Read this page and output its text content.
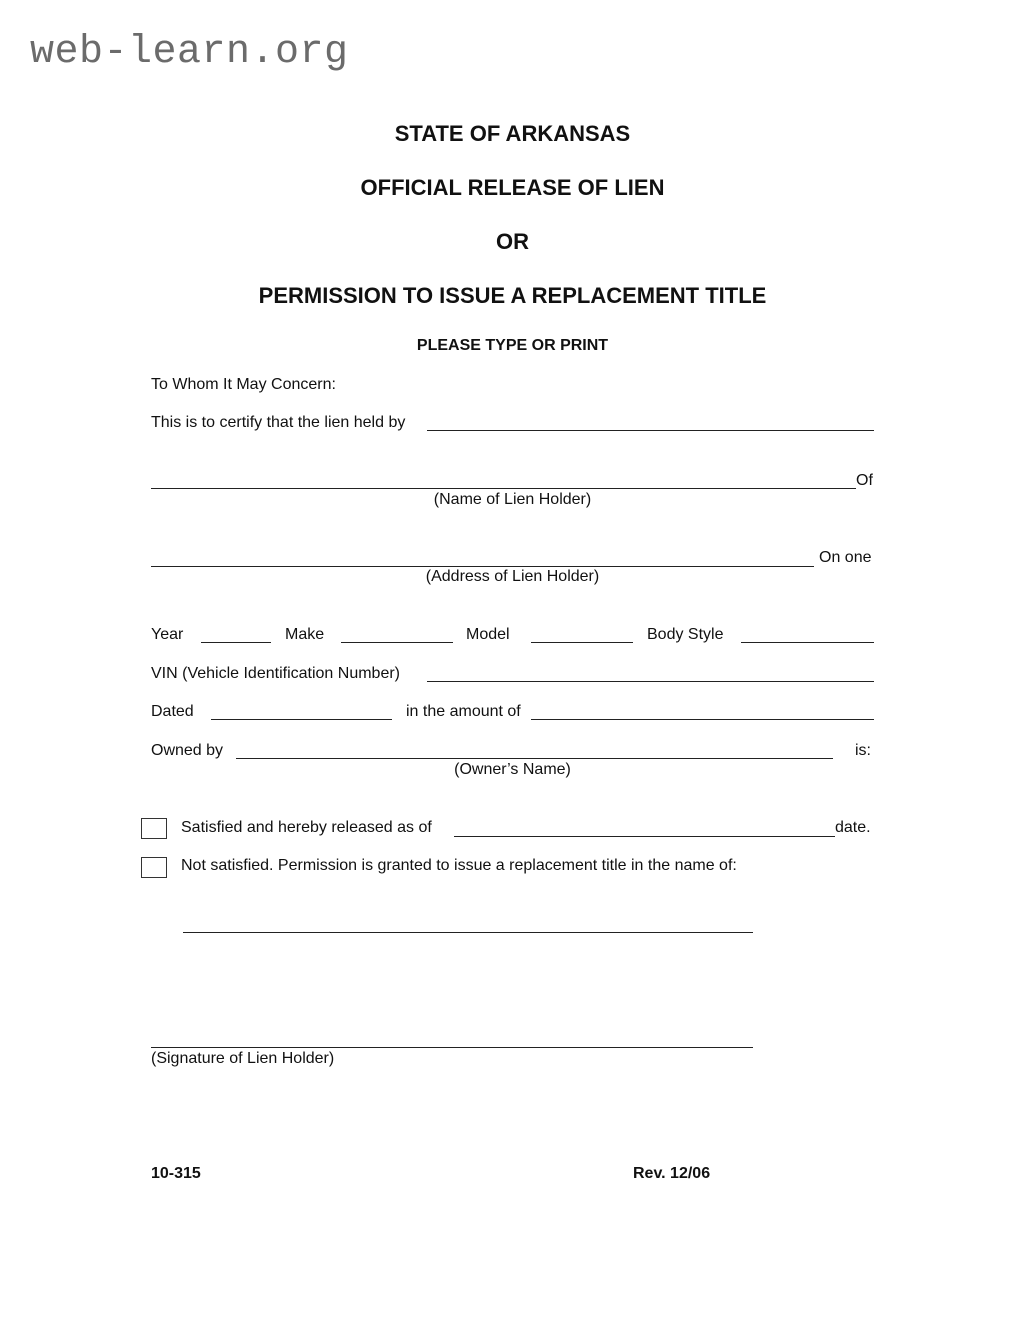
web-learn.org
STATE OF ARKANSAS
OFFICIAL RELEASE OF LIEN
OR
PERMISSION TO ISSUE A REPLACEMENT TITLE
PLEASE TYPE OR PRINT
To Whom It May Concern:
This is to certify that the lien held by
Of
(Name of Lien Holder)
On one
(Address of Lien Holder)
Year	Make	Model	Body Style
VIN (Vehicle Identification Number)
Dated	in the amount of
Owned by	is:
(Owner’s Name)
Satisfied and hereby released as of	date.
Not satisfied. Permission is granted to issue a replacement title in the name of:
(Signature of Lien Holder)
10-315	Rev. 12/06
